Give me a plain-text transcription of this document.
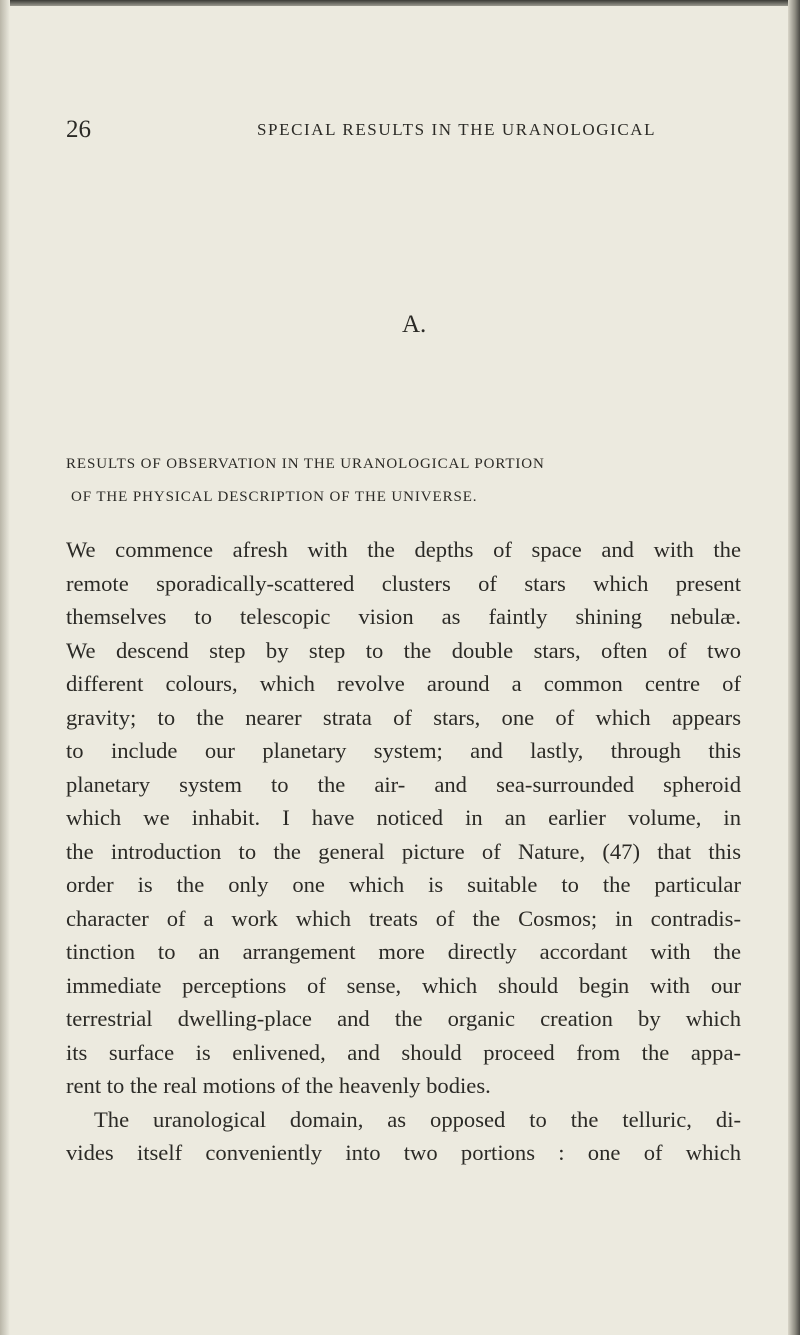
26	SPECIAL RESULTS IN THE URANOLOGICAL
A.
RESULTS OF OBSERVATION IN THE URANOLOGICAL PORTION
OF THE PHYSICAL DESCRIPTION OF THE UNIVERSE.
We commence afresh with the depths of space and with the
remote sporadically-scattered clusters of stars which present
themselves to telescopic vision as faintly shining nebulæ.
We descend step by step to the double stars, often of two
different colours, which revolve around a common centre of
gravity; to the nearer strata of stars, one of which appears
to include our planetary system; and lastly, through this
planetary system to the air- and sea-surrounded spheroid
which we inhabit. I have noticed in an earlier volume, in
the introduction to the general picture of Nature, (47) that this
order is the only one which is suitable to the particular
character of a work which treats of the Cosmos; in contradis-
tinction to an arrangement more directly accordant with the
immediate perceptions of sense, which should begin with our
terrestrial dwelling-place and the organic creation by which
its surface is enlivened, and should proceed from the appa-
rent to the real motions of the heavenly bodies.
The uranological domain, as opposed to the telluric, di-
vides itself conveniently into two portions : one of which
